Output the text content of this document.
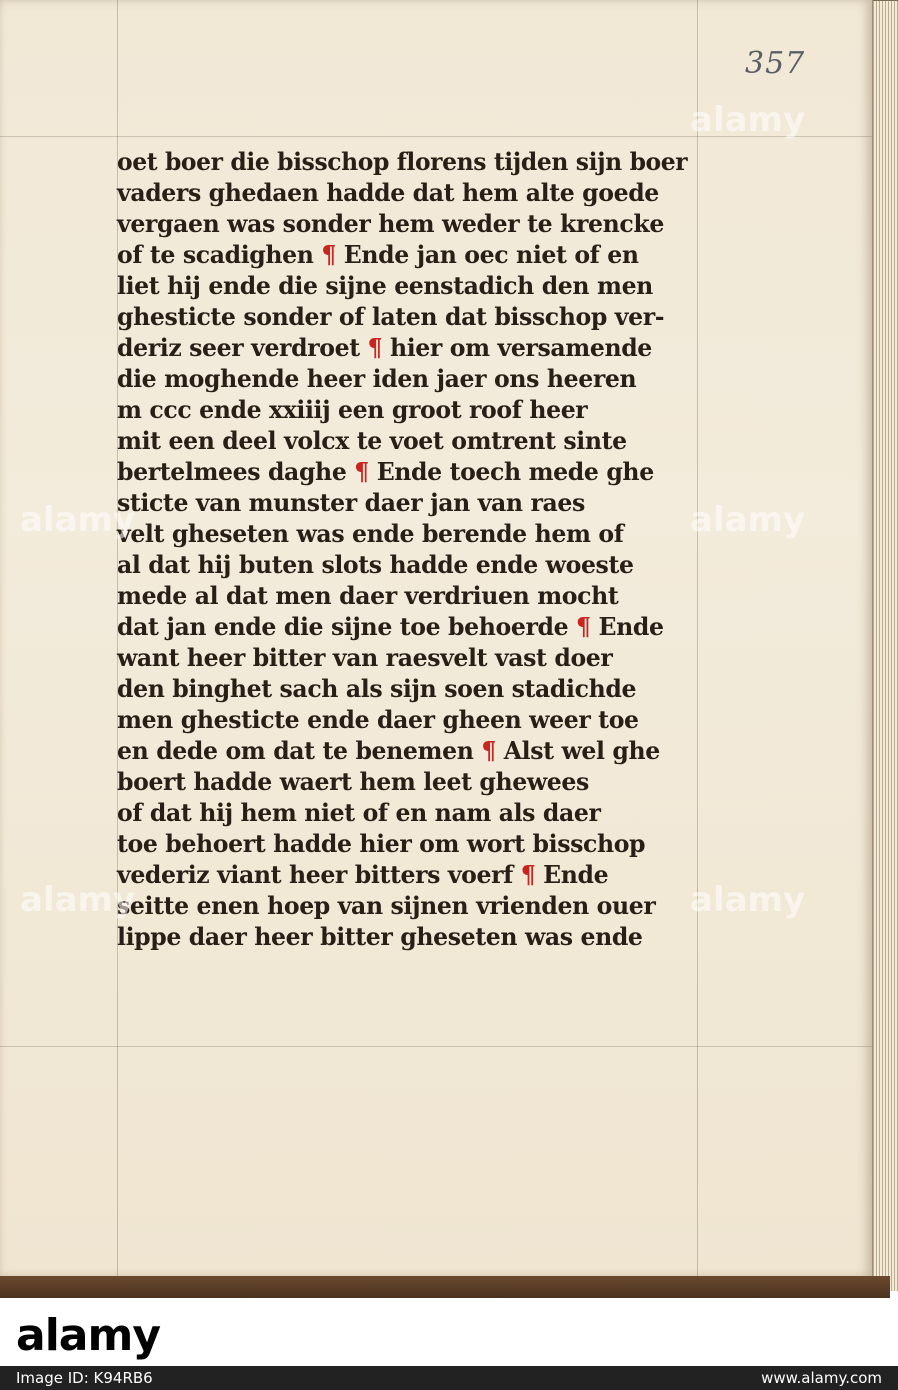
357
oet boer die bisschop florens tijden sijn boer
vaders ghedaen hadde dat hem alte goede
vergaen was sonder hem weder te krencke
of te scadighen ¶ Ende jan oec niet of en
liet hij ende die sijne eenstadich den men
ghesticte sonder of laten dat bisschop ver-
deriz seer verdroet ¶ hier om versamende
die moghende heer iden jaer ons heeren
m ccc ende xxiiij een groot roof heer
mit een deel volcx te voet omtrent sinte
bertelmees daghe ¶ Ende toech mede ghe
sticte van munster daer jan van raes
velt gheseten was ende berende hem of
al dat hij buten slots hadde ende woeste
mede al dat men daer verdriuen mocht
dat jan ende die sijne toe behoerde ¶ Ende
want heer bitter van raesvelt vast doer
den binghet sach als sijn soen stadichde
men ghesticte ende daer gheen weer toe
en dede om dat te benemen ¶ Alst wel ghe
boert hadde waert hem leet ghewees
of dat hij hem niet of en nam als daer
toe behoert hadde hier om wort bisschop
vederiz viant heer bitters voerf ¶ Ende
seitte enen hoep van sijnen vrienden ouer
lippe daer heer bitter gheseten was ende
alamy
alamy	alamy
alamy	alamy
alamy
Image ID: K94RB6	www.alamy.com
